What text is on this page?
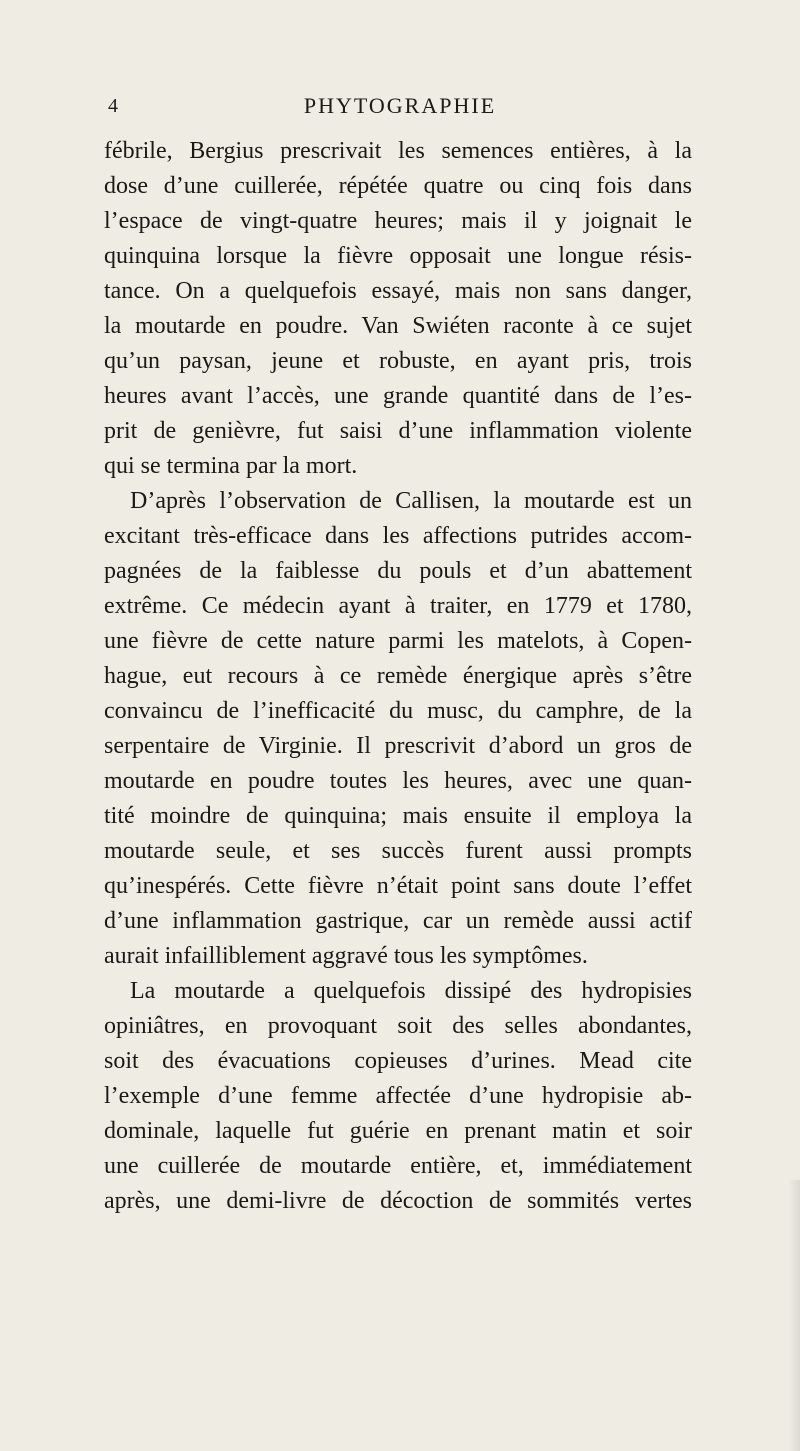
4	PHYTOGRAPHIE
fébrile, Bergius prescrivait les semences entières, à la
dose d’une cuillerée, répétée quatre ou cinq fois dans
l’espace de vingt-quatre heures; mais il y joignait le
quinquina lorsque la fièvre opposait une longue résis-
tance. On a quelquefois essayé, mais non sans danger,
la moutarde en poudre. Van Swiéten raconte à ce sujet
qu’un paysan, jeune et robuste, en ayant pris, trois
heures avant l’accès, une grande quantité dans de l’es-
prit de genièvre, fut saisi d’une inflammation violente
qui se termina par la mort.
D’après l’observation de Callisen, la moutarde est un
excitant très-efficace dans les affections putrides accom-
pagnées de la faiblesse du pouls et d’un abattement
extrême. Ce médecin ayant à traiter, en 1779 et 1780,
une fièvre de cette nature parmi les matelots, à Copen-
hague, eut recours à ce remède énergique après s’être
convaincu de l’inefficacité du musc, du camphre, de la
serpentaire de Virginie. Il prescrivit d’abord un gros de
moutarde en poudre toutes les heures, avec une quan-
tité moindre de quinquina; mais ensuite il employa la
moutarde seule, et ses succès furent aussi prompts
qu’inespérés. Cette fièvre n’était point sans doute l’effet
d’une inflammation gastrique, car un remède aussi actif
aurait infailliblement aggravé tous les symptômes.
La moutarde a quelquefois dissipé des hydropisies
opiniâtres, en provoquant soit des selles abondantes,
soit des évacuations copieuses d’urines. Mead cite
l’exemple d’une femme affectée d’une hydropisie ab-
dominale, laquelle fut guérie en prenant matin et soir
une cuillerée de moutarde entière, et, immédiatement
après, une demi-livre de décoction de sommités vertes
